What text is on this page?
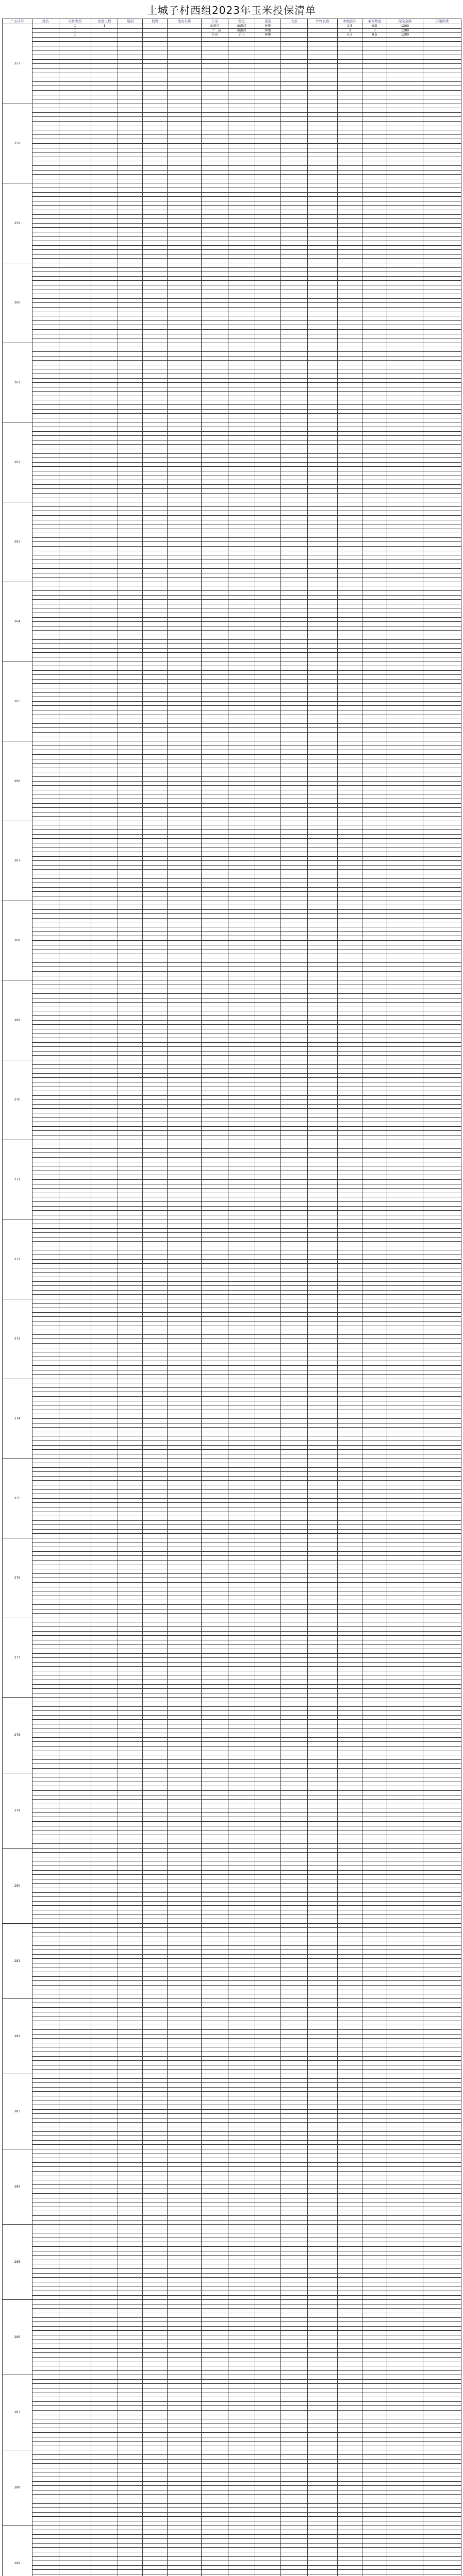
土城子村西组2023年玉米投保清单
户主序号	姓名	证件类型	家庭人数	组别	权属	地块名称	东至	西至	南至	北至	作物名称	种植面积	承保数量	保险金额	应缴保费
257		1	1				山南河	山南河	林地			0.5	0.5	1200	
		1					二十二亩	山南河	林地			3	3	1200	
		1					后山	后山	林地			0.5	0.5	1200	

258															

259															

260															

261															

262															

263															

264															

265															

266															

267															

268															

269															

270															

271															

272															

273															

274															

275															

276															

277															

278															

279															

280															

281															

282															

283															

284															

285															

286															

287															

288															

289															
